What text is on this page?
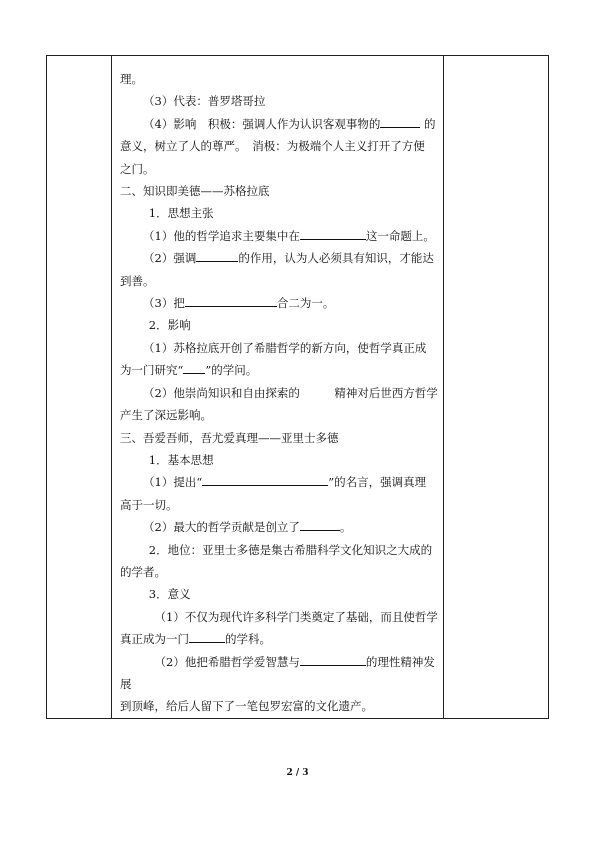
理。

（3）代表：普罗塔哥拉

（4）影响　积极：强调人作为认识客观事物的	的

意义，树立了人的尊严。　消极：为极端个人主义打开了方便

之门。

二、知识即美德——苏格拉底

1．思想主张

（1）他的哲学追求主要集中在	这一命题上。

（2）强调	的作用，认为人必须具有知识，才能达

到善。

（3）把	合二为一。

2．影响

（1）苏格拉底开创了希腊哲学的新方向，使哲学真正成

为一门研究“ ”的学问。

（2）他崇尚知识和自由探索的　　　精神对后世西方哲学

产生了深远影响。

三、吾爱吾师，吾尤爱真理——亚里士多德

1．基本思想

（1）提出“	”的名言，强调真理

高于一切。

（2）最大的哲学贡献是创立了	。

2．地位：亚里士多德是集古希腊科学文化知识之大成的

的学者。

3．意义

（1）不仅为现代许多科学门类奠定了基础，而且使哲学

真正成为一门	的学科。

（2）他把希腊哲学爱智慧与	的理性精神发展

到顶峰，给后人留下了一笔包罗宏富的文化遗产。

2 / 3
